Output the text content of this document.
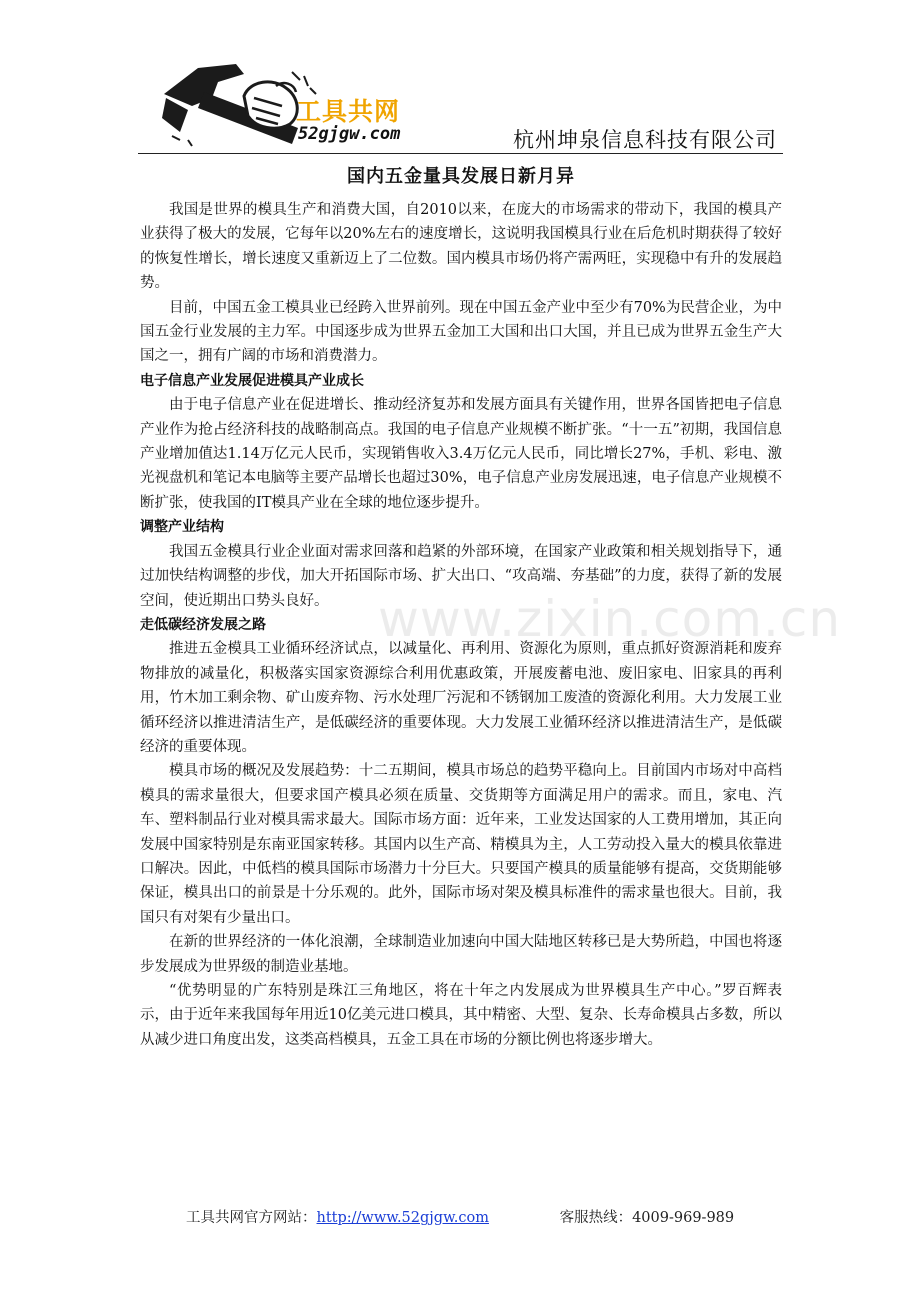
工具共网
52gjgw.com	杭州坤泉信息科技有限公司
国内五金量具发展日新月异

我国是世界的模具生产和消费大国，自2010以来，在庞大的市场需求的带动下，我国的模具产业获得了极大的发展，它每年以20%左右的速度增长，这说明我国模具行业在后危机时期获得了较好的恢复性增长，增长速度又重新迈上了二位数。国内模具市场仍将产需两旺，实现稳中有升的发展趋势。

目前，中国五金工模具业已经跨入世界前列。现在中国五金产业中至少有70%为民营企业，为中国五金行业发展的主力军。中国逐步成为世界五金加工大国和出口大国，并且已成为世界五金生产大国之一，拥有广阔的市场和消费潜力。

电子信息产业发展促进模具产业成长

由于电子信息产业在促进增长、推动经济复苏和发展方面具有关键作用，世界各国皆把电子信息产业作为抢占经济科技的战略制高点。我国的电子信息产业规模不断扩张。“十一五”初期，我国信息产业增加值达1.14万亿元人民币，实现销售收入3.4万亿元人民币，同比增长27%，手机、彩电、激光视盘机和笔记本电脑等主要产品增长也超过30%，电子信息产业房发展迅速，电子信息产业规模不断扩张，使我国的IT模具产业在全球的地位逐步提升。

调整产业结构

我国五金模具行业企业面对需求回落和趋紧的外部环境，在国家产业政策和相关规划指导下，通过加快结构调整的步伐，加大开拓国际市场、扩大出口、“攻高端、夯基础”的力度，获得了新的发展空间，使近期出口势头良好。

走低碳经济发展之路

推进五金模具工业循环经济试点，以减量化、再利用、资源化为原则，重点抓好资源消耗和废弃物排放的减量化，积极落实国家资源综合利用优惠政策，开展废蓄电池、废旧家电、旧家具的再利用，竹木加工剩余物、矿山废弃物、污水处理厂污泥和不锈钢加工废渣的资源化利用。大力发展工业循环经济以推进清洁生产，是低碳经济的重要体现。大力发展工业循环经济以推进清洁生产，是低碳经济的重要体现。

模具市场的概况及发展趋势：十二五期间，模具市场总的趋势平稳向上。目前国内市场对中高档模具的需求量很大，但要求国产模具必须在质量、交货期等方面满足用户的需求。而且，家电、汽车、塑料制品行业对模具需求最大。国际市场方面：近年来，工业发达国家的人工费用增加，其正向发展中国家特别是东南亚国家转移。其国内以生产高、精模具为主，人工劳动投入量大的模具依靠进口解决。因此，中低档的模具国际市场潜力十分巨大。只要国产模具的质量能够有提高，交货期能够保证，模具出口的前景是十分乐观的。此外，国际市场对架及模具标准件的需求量也很大。目前，我国只有对架有少量出口。

在新的世界经济的一体化浪潮，全球制造业加速向中国大陆地区转移已是大势所趋，中国也将逐步发展成为世界级的制造业基地。

“优势明显的广东特别是珠江三角地区，将在十年之内发展成为世界模具生产中心。”罗百辉表示，由于近年来我国每年用近10亿美元进口模具，其中精密、大型、复杂、长寿命模具占多数，所以从减少进口角度出发，这类高档模具，五金工具在市场的分额比例也将逐步增大。

www.zixin.com.cn
工具共网官方网站：http://www.52gjgw.com	客服热线：4009-969-989
